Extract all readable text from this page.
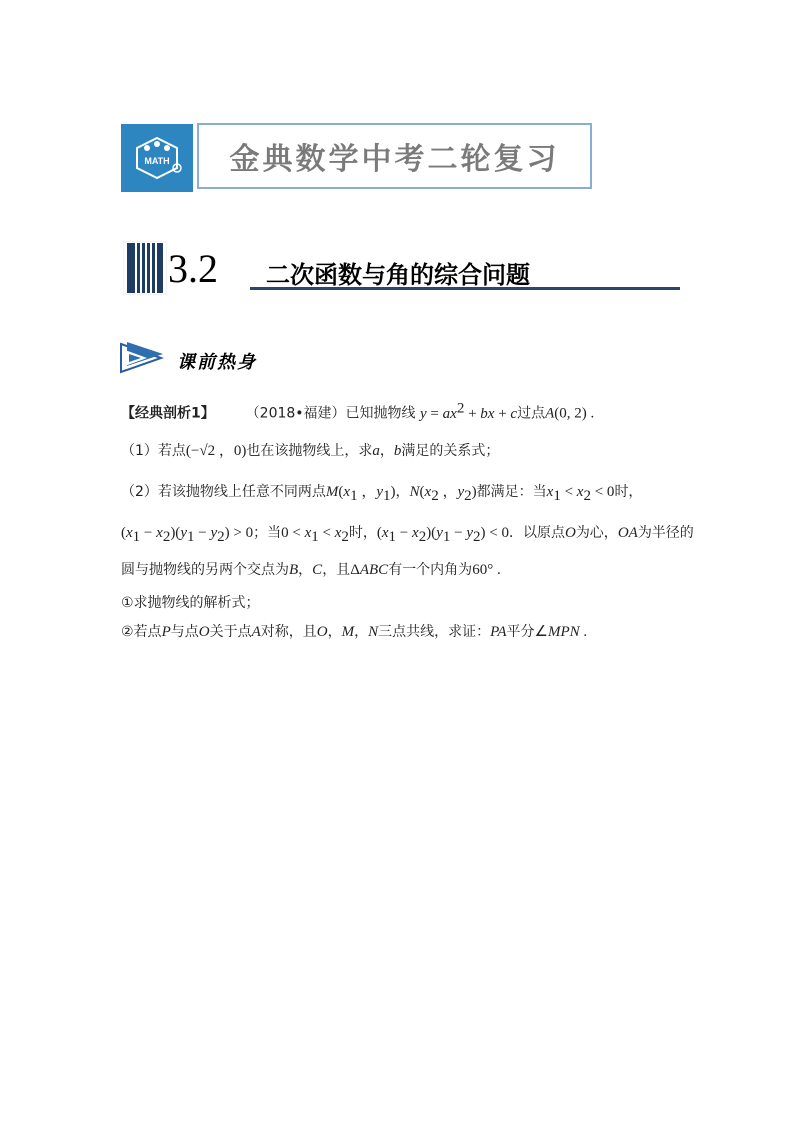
MATH 金典数学中考二轮复习
3.2 二次函数与角的综合问题
课前热身
【经典剖析1】 （2018•福建）已知抛物线 $y = ax^2$ + bx + c过点A(0, 2) .
（1）若点(−√2 ，0)也在该抛物线上，求a，b满足的关系式；
（2）若该抛物线上任意不同两点$M(x_1$ ，$y_1$)，$N(x_2$ ，$y_2$)都满足：当$x_1 < x_2 < 0$时，
$(x_1 - x_2)(y_1 - y_2) > 0$；当$0 < x_1 < x_2$时，$(x_1 - x_2)(y_1 - y_2) < 0$．以原点O为心，OA为半径的
圆与抛物线的另两个交点为B，C，且ΔABC有一个内角为60° .
①求抛物线的解析式；
②若点P与点O关于点A对称，且O，M，N三点共线，求证：PA平分∠MPN .
